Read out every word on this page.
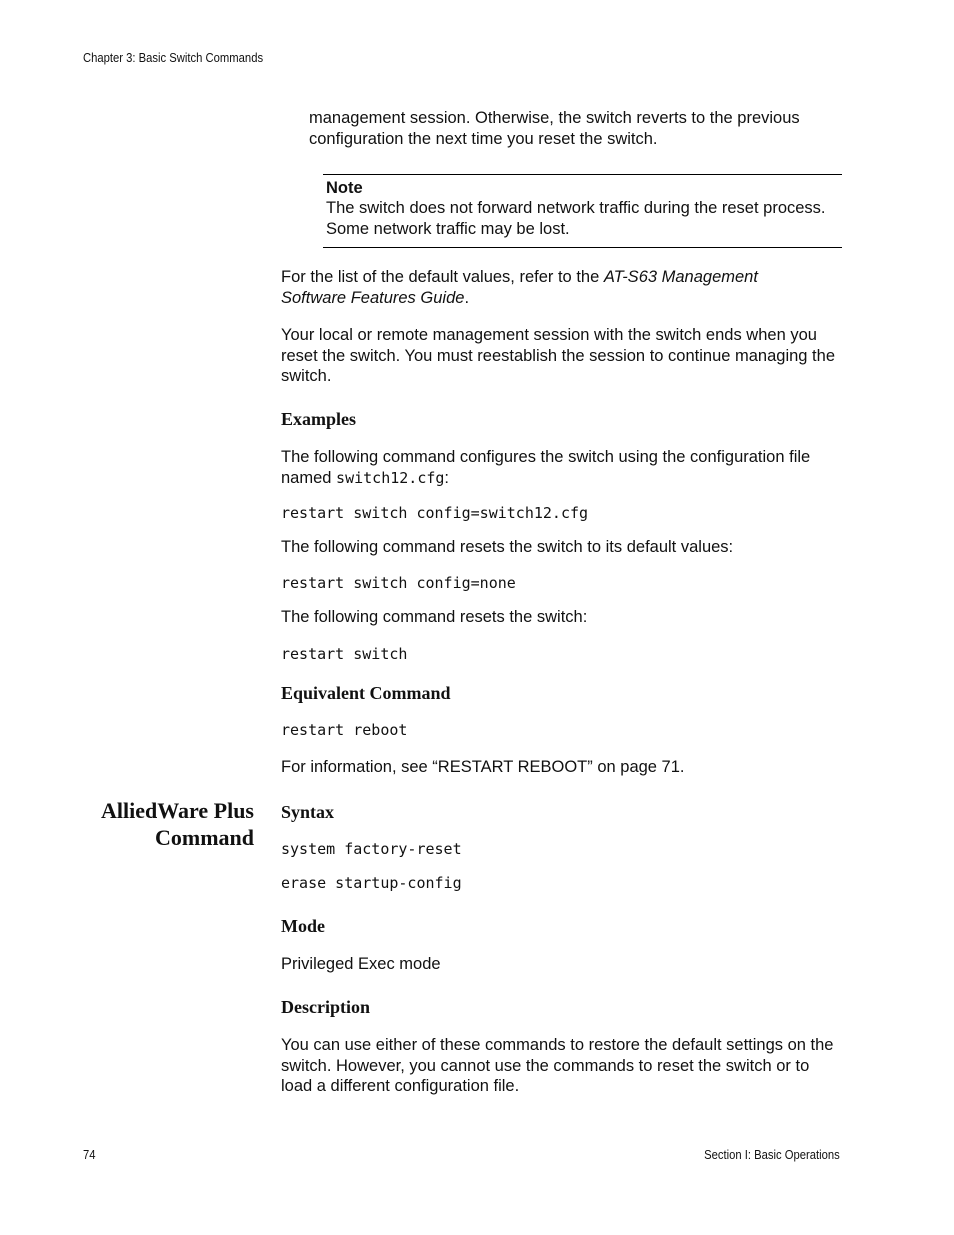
Chapter 3: Basic Switch Commands

management session. Otherwise, the switch reverts to the previous configuration the next time you reset the switch.

Note
The switch does not forward network traffic during the reset process. Some network traffic may be lost.

For the list of the default values, refer to the AT-S63 Management Software Features Guide.

Your local or remote management session with the switch ends when you reset the switch. You must reestablish the session to continue managing the switch.

Examples

The following command configures the switch using the configuration file named switch12.cfg:

restart switch config=switch12.cfg

The following command resets the switch to its default values:

restart switch config=none

The following command resets the switch:

restart switch
Equivalent Command
restart reboot

For information, see “RESTART REBOOT” on page 71.

AlliedWare Plus
Command
Syntax
system factory-reset
erase startup-config
Mode

Privileged Exec mode

Description

You can use either of these commands to restore the default settings on the switch. However, you cannot use the commands to reset the switch or to load a different configuration file.

74	Section I: Basic Operations
